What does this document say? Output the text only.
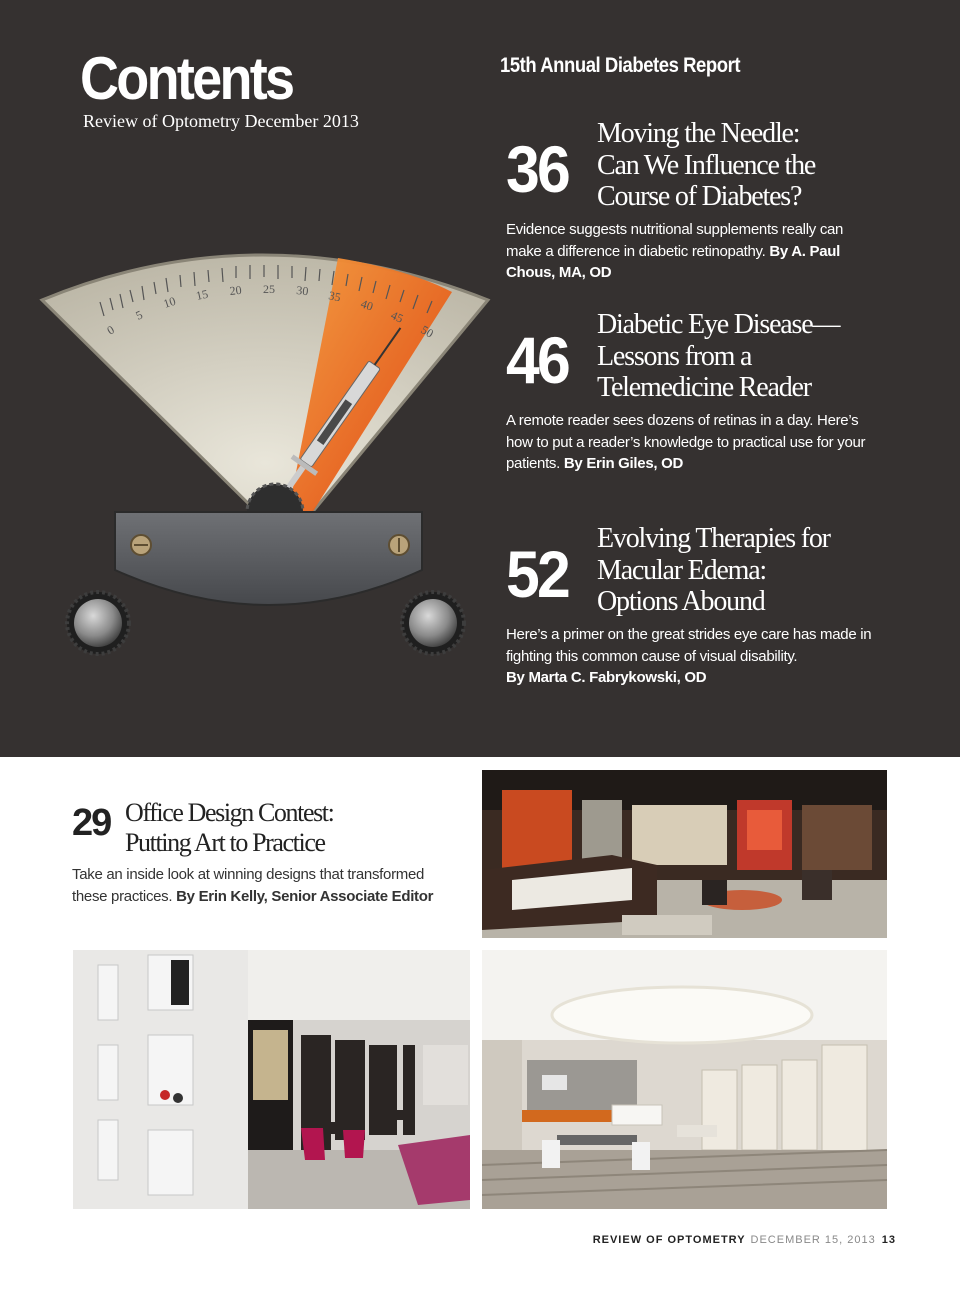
Contents
Review of Optometry December 2013
15th Annual Diabetes Report
0
5
10 15 20 25 30 35
40
45
50
36 Moving the Needle:
Can We Influence the
Course of Diabetes?
Evidence suggests nutritional supplements really can make a difference in diabetic retinopathy. By A. Paul Chous, MA, OD
46 Diabetic Eye Disease—
Lessons from a
Telemedicine Reader
A remote reader sees dozens of retinas in a day. Here’s how to put a reader’s knowledge to practical use for your patients. By Erin Giles, OD
52 Evolving Therapies for
Macular Edema:
Options Abound
Here’s a primer on the great strides eye care has made in fighting this common cause of visual disability.
By Marta C. Fabrykowski, OD
29 Office Design Contest:
Putting Art to Practice
Take an inside look at winning designs that transformed these practices. By Erin Kelly, Senior Associate Editor
REVIEW OF OPTOMETRY DECEMBER 15, 2013 13
